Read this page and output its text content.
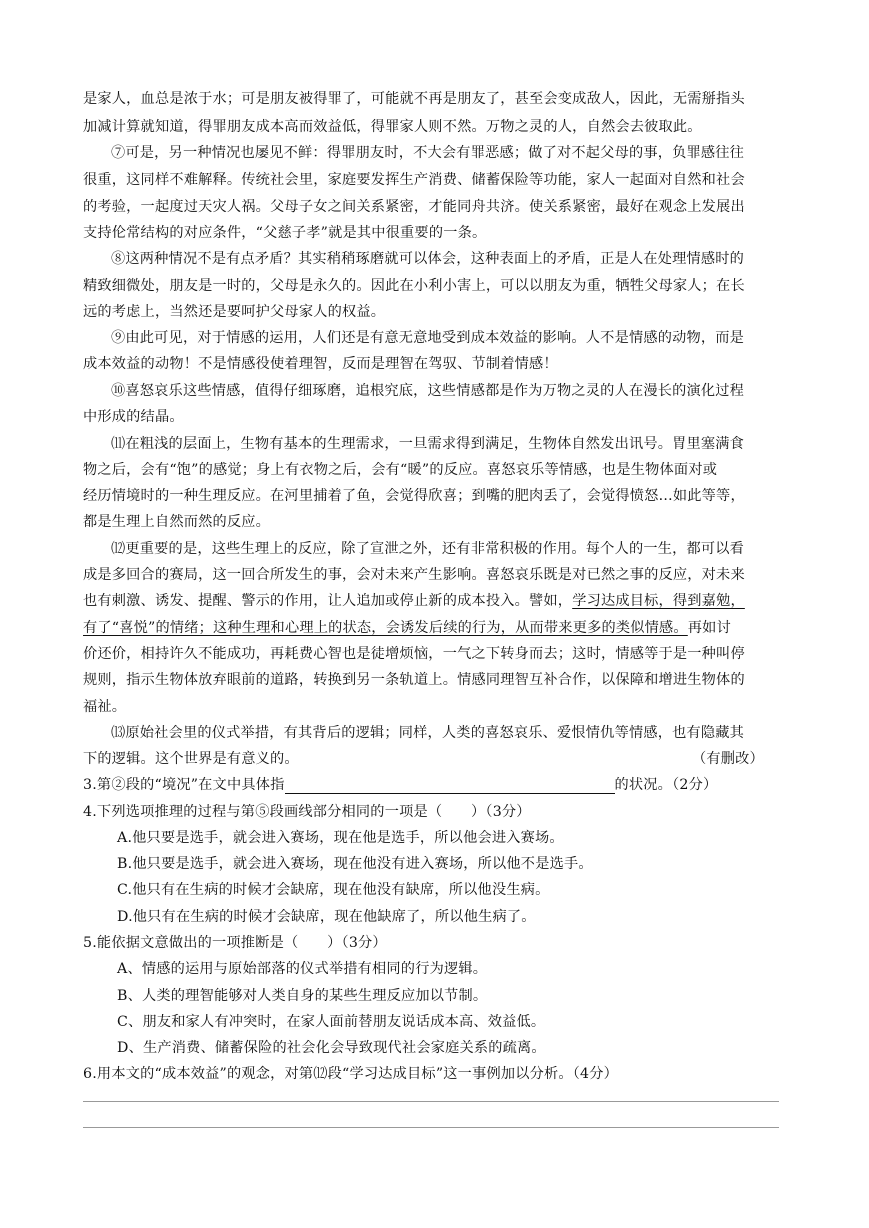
是家人，血总是浓于水；可是朋友被得罪了，可能就不再是朋友了，甚至会变成敌人，因此，无需掰指头
加减计算就知道，得罪朋友成本高而效益低，得罪家人则不然。万物之灵的人，自然会去彼取此。
⑦可是，另一种情况也屡见不鲜：得罪朋友时，不大会有罪恶感；做了对不起父母的事，负罪感往往
很重，这同样不难解释。传统社会里，家庭要发挥生产消费、储蓄保险等功能，家人一起面对自然和社会
的考验，一起度过天灾人祸。父母子女之间关系紧密，才能同舟共济。使关系紧密，最好在观念上发展出
支持伦常结构的对应条件，“父慈子孝”就是其中很重要的一条。
⑧这两种情况不是有点矛盾？其实稍稍琢磨就可以体会，这种表面上的矛盾，正是人在处理情感时的
精致细微处，朋友是一时的，父母是永久的。因此在小利小害上，可以以朋友为重，牺牲父母家人；在长
远的考虑上，当然还是要呵护父母家人的权益。
⑨由此可见，对于情感的运用，人们还是有意无意地受到成本效益的影响。人不是情感的动物，而是
成本效益的动物！不是情感役使着理智，反而是理智在驾驭、节制着情感！
⑩喜怒哀乐这些情感，值得仔细琢磨，追根究底，这些情感都是作为万物之灵的人在漫长的演化过程
中形成的结晶。
⑾在粗浅的层面上，生物有基本的生理需求，一旦需求得到满足，生物体自然发出讯号。胃里塞满食
物之后，会有“饱”的感觉；身上有衣物之后，会有“暖”的反应。喜怒哀乐等情感，也是生物体面对或
经历情境时的一种生理反应。在河里捕着了鱼，会觉得欣喜；到嘴的肥肉丢了，会觉得愤怒…如此等等，
都是生理上自然而然的反应。
⑿更重要的是，这些生理上的反应，除了宣泄之外，还有非常积极的作用。每个人的一生，都可以看
成是多回合的赛局，这一回合所发生的事，会对未来产生影响。喜怒哀乐既是对已然之事的反应，对未来
也有刺激、诱发、提醒、警示的作用，让人追加或停止新的成本投入。譬如，学习达成目标，得到嘉勉，
有了“喜悦”的情绪；这种生理和心理上的状态，会诱发后续的行为，从而带来更多的类似情感。再如讨
价还价，相持许久不能成功，再耗费心智也是徒增烦恼，一气之下转身而去；这时，情感等于是一种叫停
规则，指示生物体放弃眼前的道路，转换到另一条轨道上。情感同理智互补合作，以保障和增进生物体的
福祉。
⒀原始社会里的仪式举措，有其背后的逻辑；同样，人类的喜怒哀乐、爱恨情仇等情感，也有隐藏其
下的逻辑。这个世界是有意义的。	（有删改）
3.第②段的“境况”在文中具体指	的状况。（2分）
4.下列选项推理的过程与第⑤段画线部分相同的一项是（　　）（3分）
A.他只要是选手，就会进入赛场，现在他是选手，所以他会进入赛场。
B.他只要是选手，就会进入赛场，现在他没有进入赛场，所以他不是选手。
C.他只有在生病的时候才会缺席，现在他没有缺席，所以他没生病。
D.他只有在生病的时候才会缺席，现在他缺席了，所以他生病了。
5.能依据文意做出的一项推断是（　　）（3分）
A、情感的运用与原始部落的仪式举措有相同的行为逻辑。
B、人类的理智能够对人类自身的某些生理反应加以节制。
C、朋友和家人有冲突时，在家人面前替朋友说话成本高、效益低。
D、生产消费、储蓄保险的社会化会导致现代社会家庭关系的疏离。
6.用本文的“成本效益”的观念，对第⑿段“学习达成目标”这一事例加以分析。（4分）
